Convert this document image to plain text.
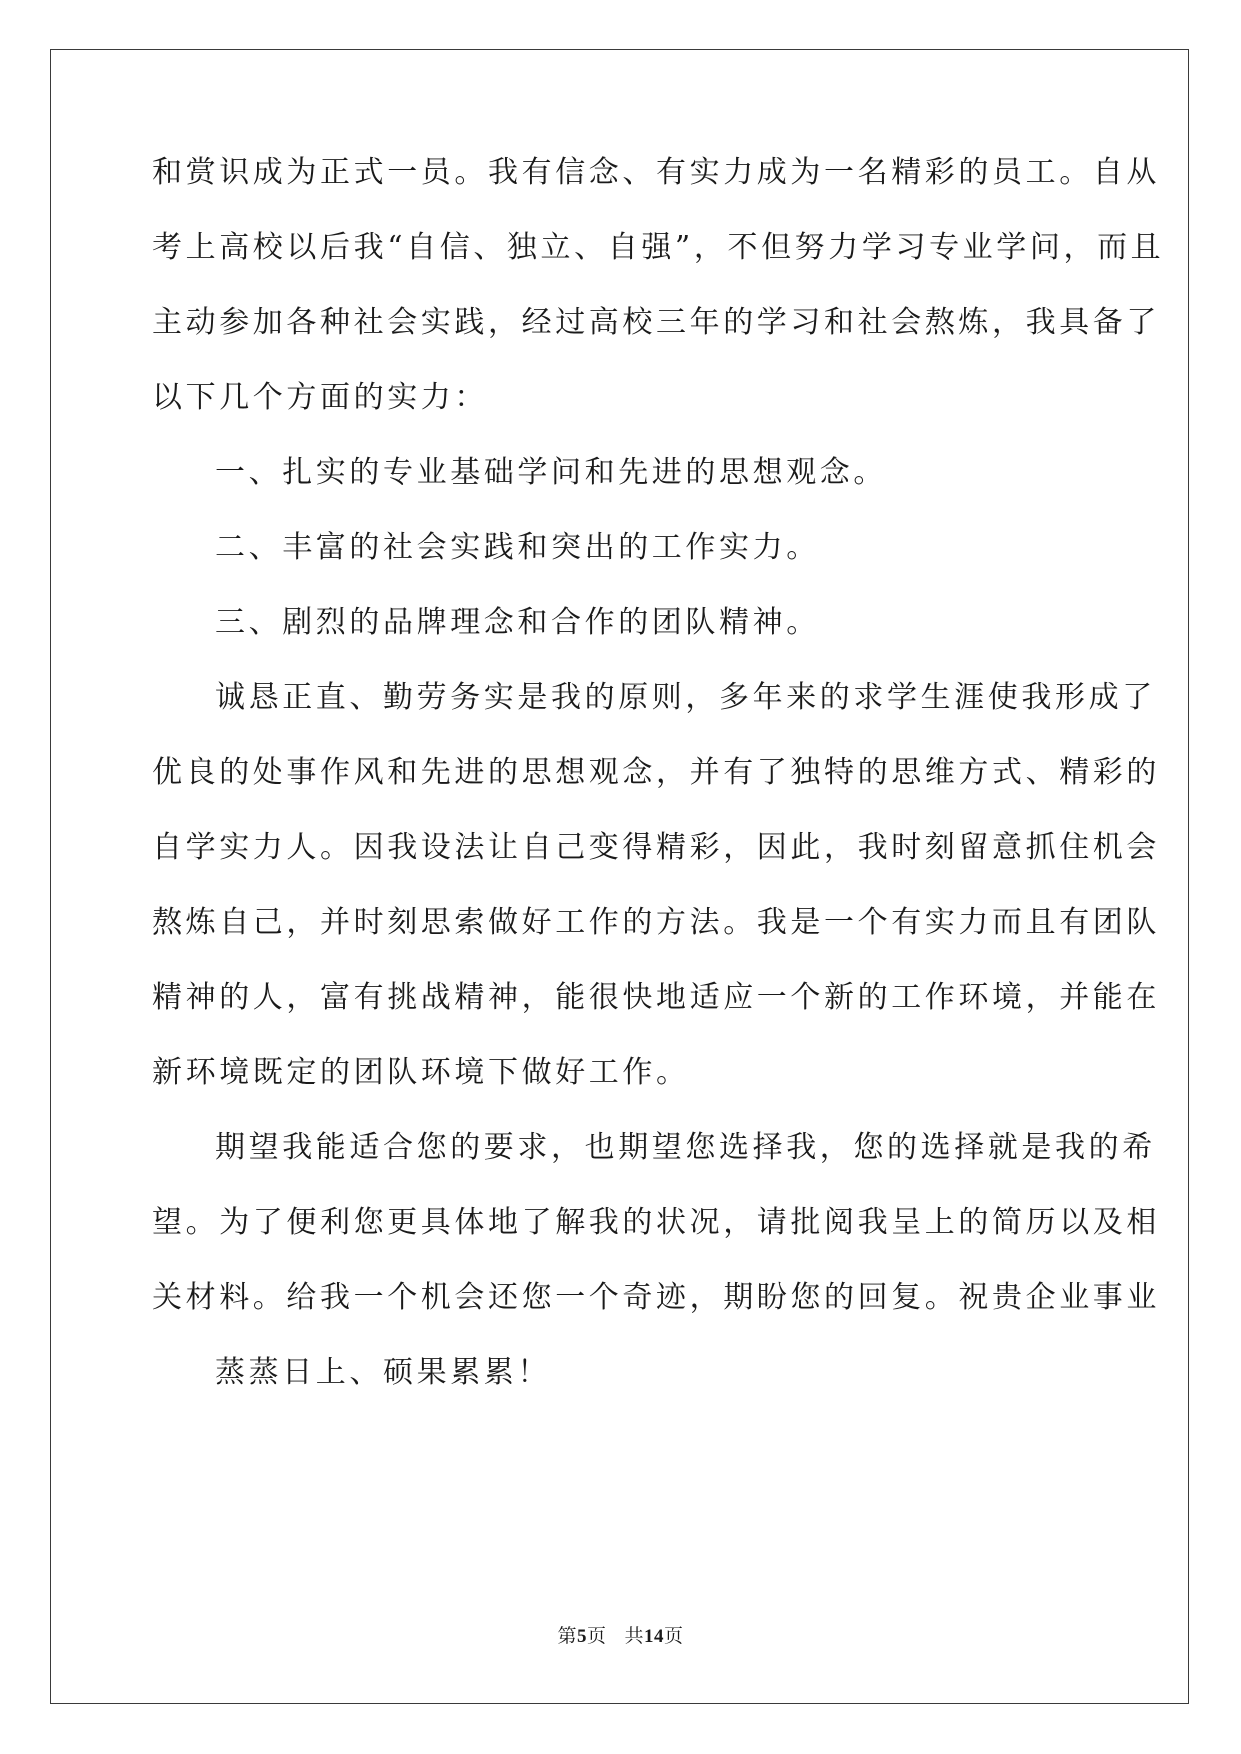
和赏识成为正式一员。我有信念、有实力成为一名精彩的员工。自从
考上高校以后我“自信、独立、自强”，不但努力学习专业学问，而且
主动参加各种社会实践，经过高校三年的学习和社会熬炼，我具备了
以下几个方面的实力：
一、扎实的专业基础学问和先进的思想观念。
二、丰富的社会实践和突出的工作实力。
三、剧烈的品牌理念和合作的团队精神。
诚恳正直、勤劳务实是我的原则，多年来的求学生涯使我形成了
优良的处事作风和先进的思想观念，并有了独特的思维方式、精彩的
自学实力人。因我设法让自己变得精彩，因此，我时刻留意抓住机会
熬炼自己，并时刻思索做好工作的方法。我是一个有实力而且有团队
精神的人，富有挑战精神，能很快地适应一个新的工作环境，并能在
新环境既定的团队环境下做好工作。
期望我能适合您的要求，也期望您选择我，您的选择就是我的希
望。为了便利您更具体地了解我的状况，请批阅我呈上的简历以及相
关材料。给我一个机会还您一个奇迹，期盼您的回复。祝贵企业事业
蒸蒸日上、硕果累累！
第5页 共14页
